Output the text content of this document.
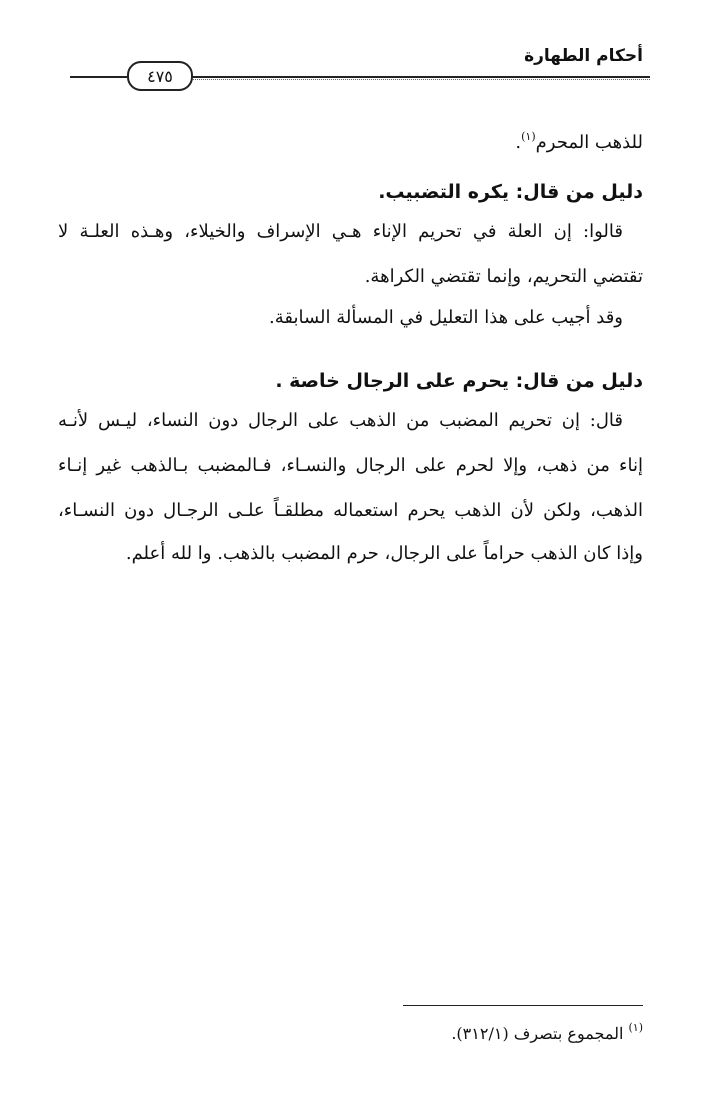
أحكام الطهارة
٤٧٥
للذهب المحرم$^{(١)}$.
دليل من قال: يكره التضبيب.
قالوا: إن العلة في تحريم الإناء هـي الإسراف والخيلاء، وهـذه العلـة لا
تقتضي التحريم، وإنما تقتضي الكراهة.
وقد أجيب على هذا التعليل في المسألة السابقة.
دليل من قال: يحرم على الرجال خاصة .
قال: إن تحريم المضبب من الذهب على الرجال دون النساء، ليـس لأنـه
إناء من ذهب، وإلا لحرم على الرجال والنسـاء، فـالمضبب بـالذهب غير إنـاء
الذهب، ولكن لأن الذهب يحرم استعماله مطلقـاً علـى الرجـال دون النسـاء،
وإذا كان الذهب حراماً على الرجال، حرم المضبب بالذهب. وا لله أعلم.
$^{(١)}$ المجموع بتصرف (٣١٢/١).
